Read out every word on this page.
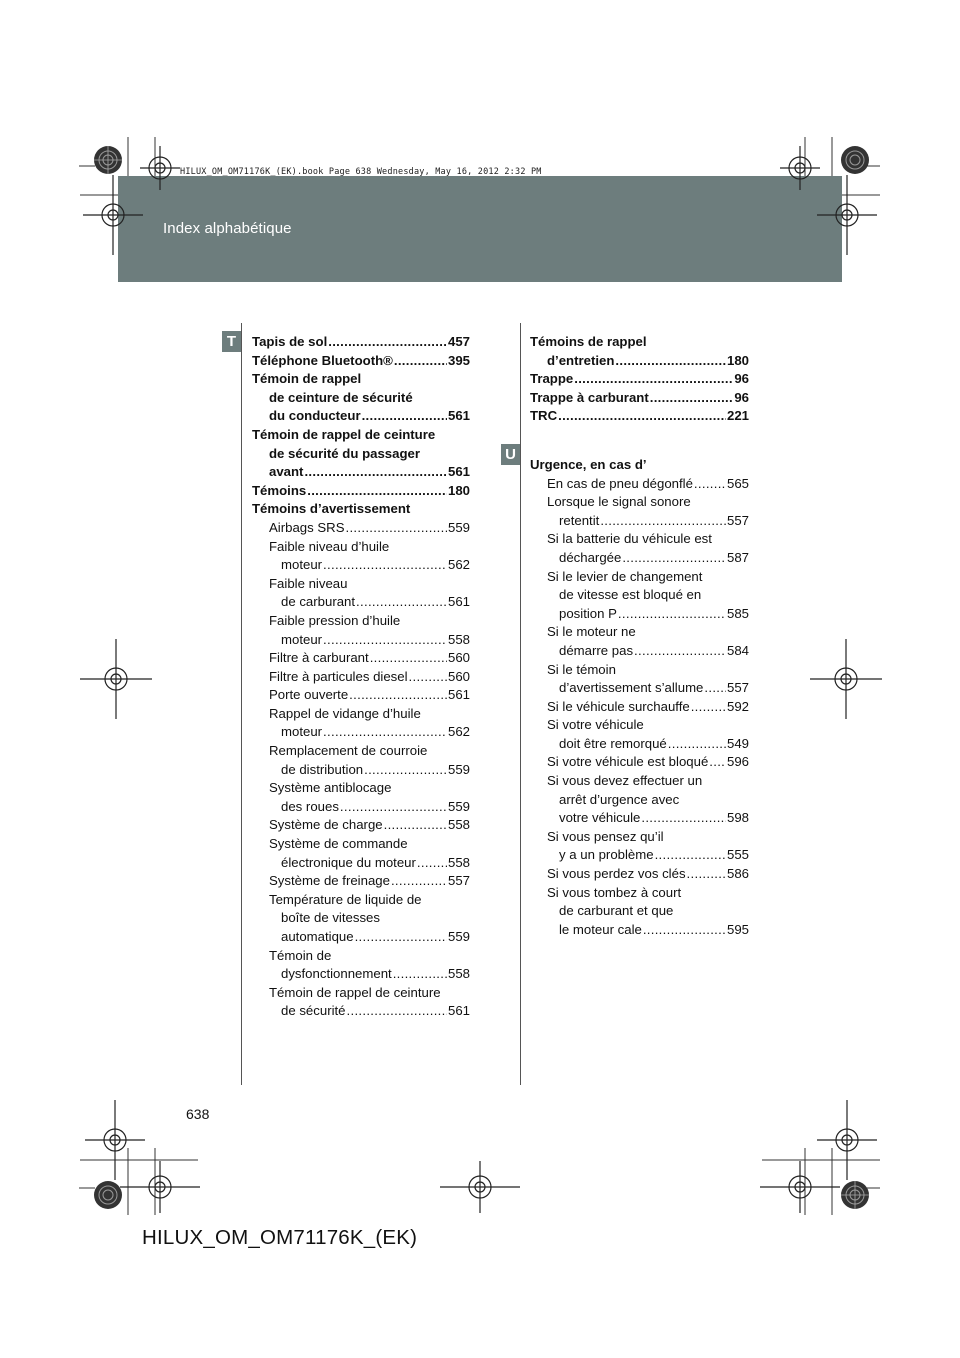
Index alphabétique
HILUX_OM_OM71176K_(EK).book Page 638 Wednesday, May 16, 2012 2:32 PM
T
U
Tapis de sol .....	457
Téléphone Bluetooth® .....	395
Témoin de rappel
de ceinture de sécurité
du conducteur .....	561
Témoin de rappel de ceinture
de sécurité du passager
avant .....	561
Témoins .....	180
Témoins d’avertissement
Airbags SRS .....	559
Faible niveau d’huile
moteur .....	562
Faible niveau
de carburant .....	561
Faible pression d’huile
moteur .....	558
Filtre à carburant .....	560
Filtre à particules diesel .....	560
Porte ouverte .....	561
Rappel de vidange d’huile
moteur .....	562
Remplacement de courroie
de distribution .....	559
Système antiblocage
des roues .....	559
Système de charge .....	558
Système de commande
électronique du moteur ..... 558
Système de freinage .....	557
Température de liquide de
boîte de vitesses
automatique .....	559
Témoin de
dysfonctionnement .....	558
Témoin de rappel de ceinture
de sécurité .....	561
Témoins de rappel
d’entretien .....	180
Trappe .....	96
Trappe à carburant .....	96
TRC .....	221
Urgence, en cas d’
En cas de pneu dégonflé .....	565
Lorsque le signal sonore
retentit .....	557
Si la batterie du véhicule est
déchargée .....	587
Si le levier de changement
de vitesse est bloqué en
position P .....	585
Si le moteur ne
démarre pas .....	584
Si le témoin
d’avertissement s’allume ..... 557
Si le véhicule surchauffe .....	592
Si votre véhicule
doit être remorqué .....	549
Si votre véhicule est bloqué ..... 596
Si vous devez effectuer un
arrêt d’urgence avec
votre véhicule .....	598
Si vous pensez qu’il
y a un problème .....	555
Si vous perdez vos clés .....	586
Si vous tombez à court
de carburant et que
le moteur cale .....	595
638
HILUX_OM_OM71176K_(EK)
